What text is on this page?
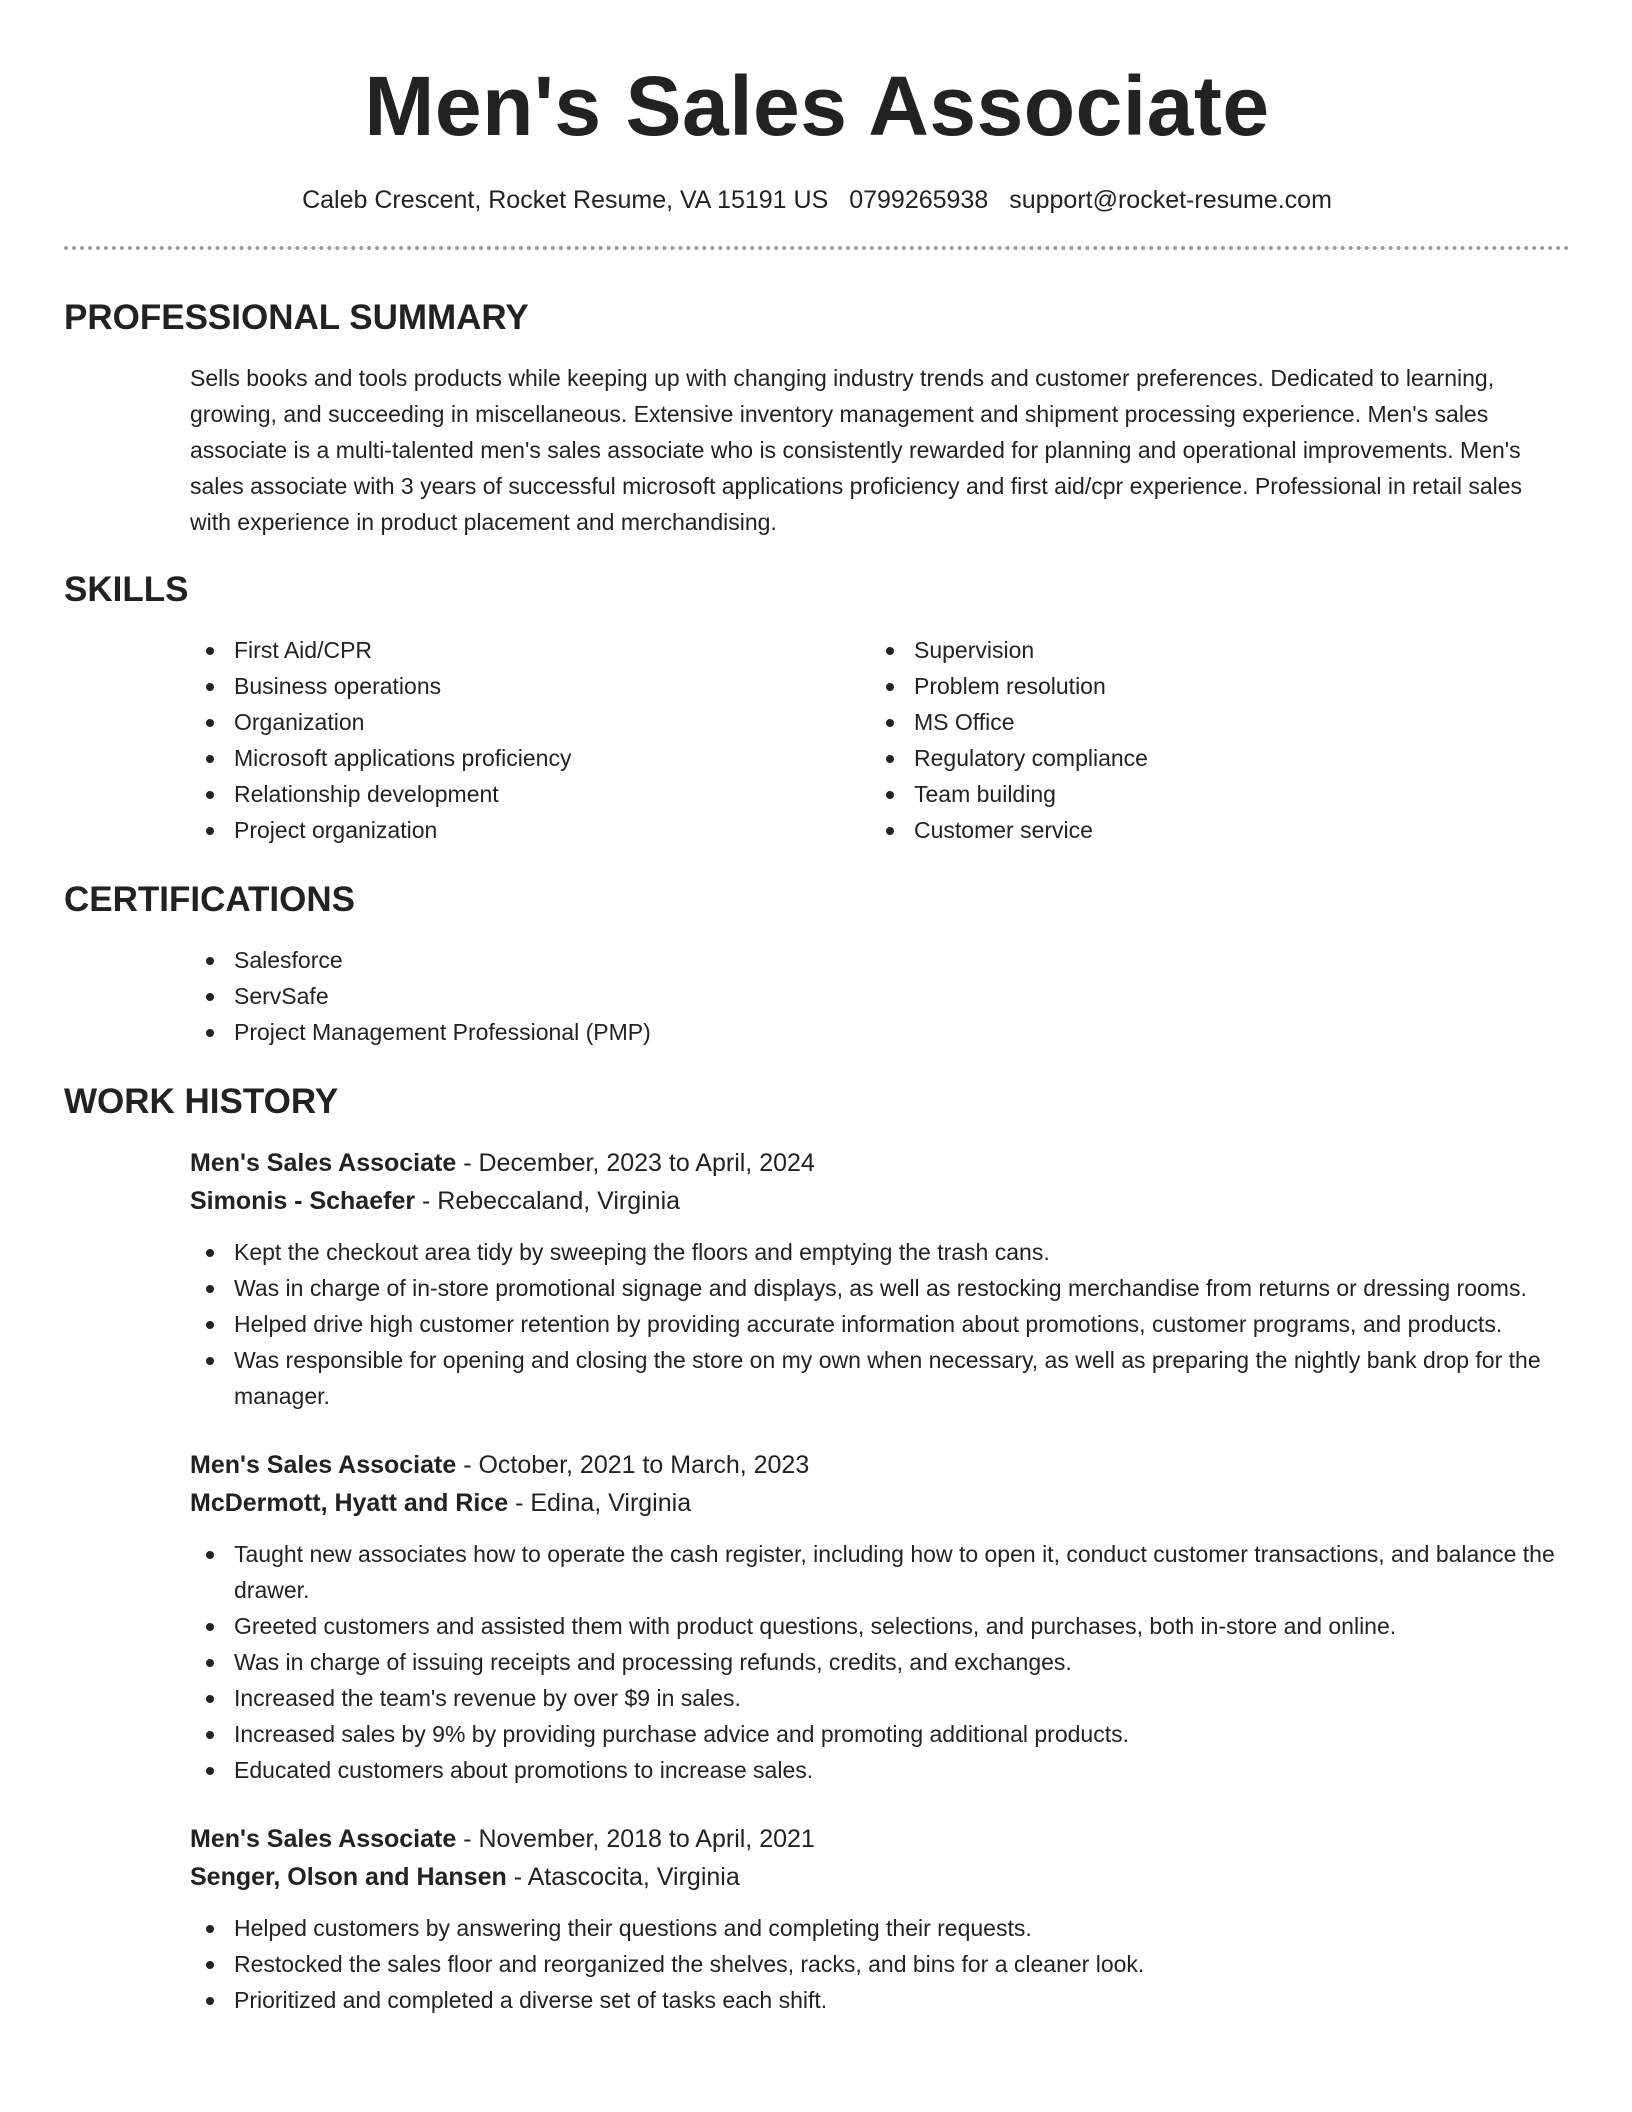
Men's Sales Associate
Caleb Crescent, Rocket Resume, VA 15191 US 0799265938 support@rocket-resume.com
PROFESSIONAL SUMMARY

Sells books and tools products while keeping up with changing industry trends and customer preferences. Dedicated to learning, growing, and succeeding in miscellaneous. Extensive inventory management and shipment processing experience. Men's sales associate is a multi-talented men's sales associate who is consistently rewarded for planning and operational improvements. Men's sales associate with 3 years of successful microsoft applications proficiency and first aid/cpr experience. Professional in retail sales with experience in product placement and merchandising.

SKILLS
First Aid/CPR
Business operations
Organization
Microsoft applications proficiency
Relationship development
Project organization
Supervision
Problem resolution
MS Office
Regulatory compliance
Team building
Customer service
CERTIFICATIONS
Salesforce
ServSafe
Project Management Professional (PMP)
WORK HISTORY
Men's Sales Associate - December, 2023 to April, 2024
Simonis - Schaefer - Rebeccaland, Virginia
Kept the checkout area tidy by sweeping the floors and emptying the trash cans.
Was in charge of in-store promotional signage and displays, as well as restocking merchandise from returns or dressing rooms.
Helped drive high customer retention by providing accurate information about promotions, customer programs, and products.
Was responsible for opening and closing the store on my own when necessary, as well as preparing the nightly bank drop for the manager.
Men's Sales Associate - October, 2021 to March, 2023
McDermott, Hyatt and Rice - Edina, Virginia
Taught new associates how to operate the cash register, including how to open it, conduct customer transactions, and balance the drawer.
Greeted customers and assisted them with product questions, selections, and purchases, both in-store and online.
Was in charge of issuing receipts and processing refunds, credits, and exchanges.
Increased the team's revenue by over $9 in sales.
Increased sales by 9% by providing purchase advice and promoting additional products.
Educated customers about promotions to increase sales.
Men's Sales Associate - November, 2018 to April, 2021
Senger, Olson and Hansen - Atascocita, Virginia
Helped customers by answering their questions and completing their requests.
Restocked the sales floor and reorganized the shelves, racks, and bins for a cleaner look.
Prioritized and completed a diverse set of tasks each shift.
